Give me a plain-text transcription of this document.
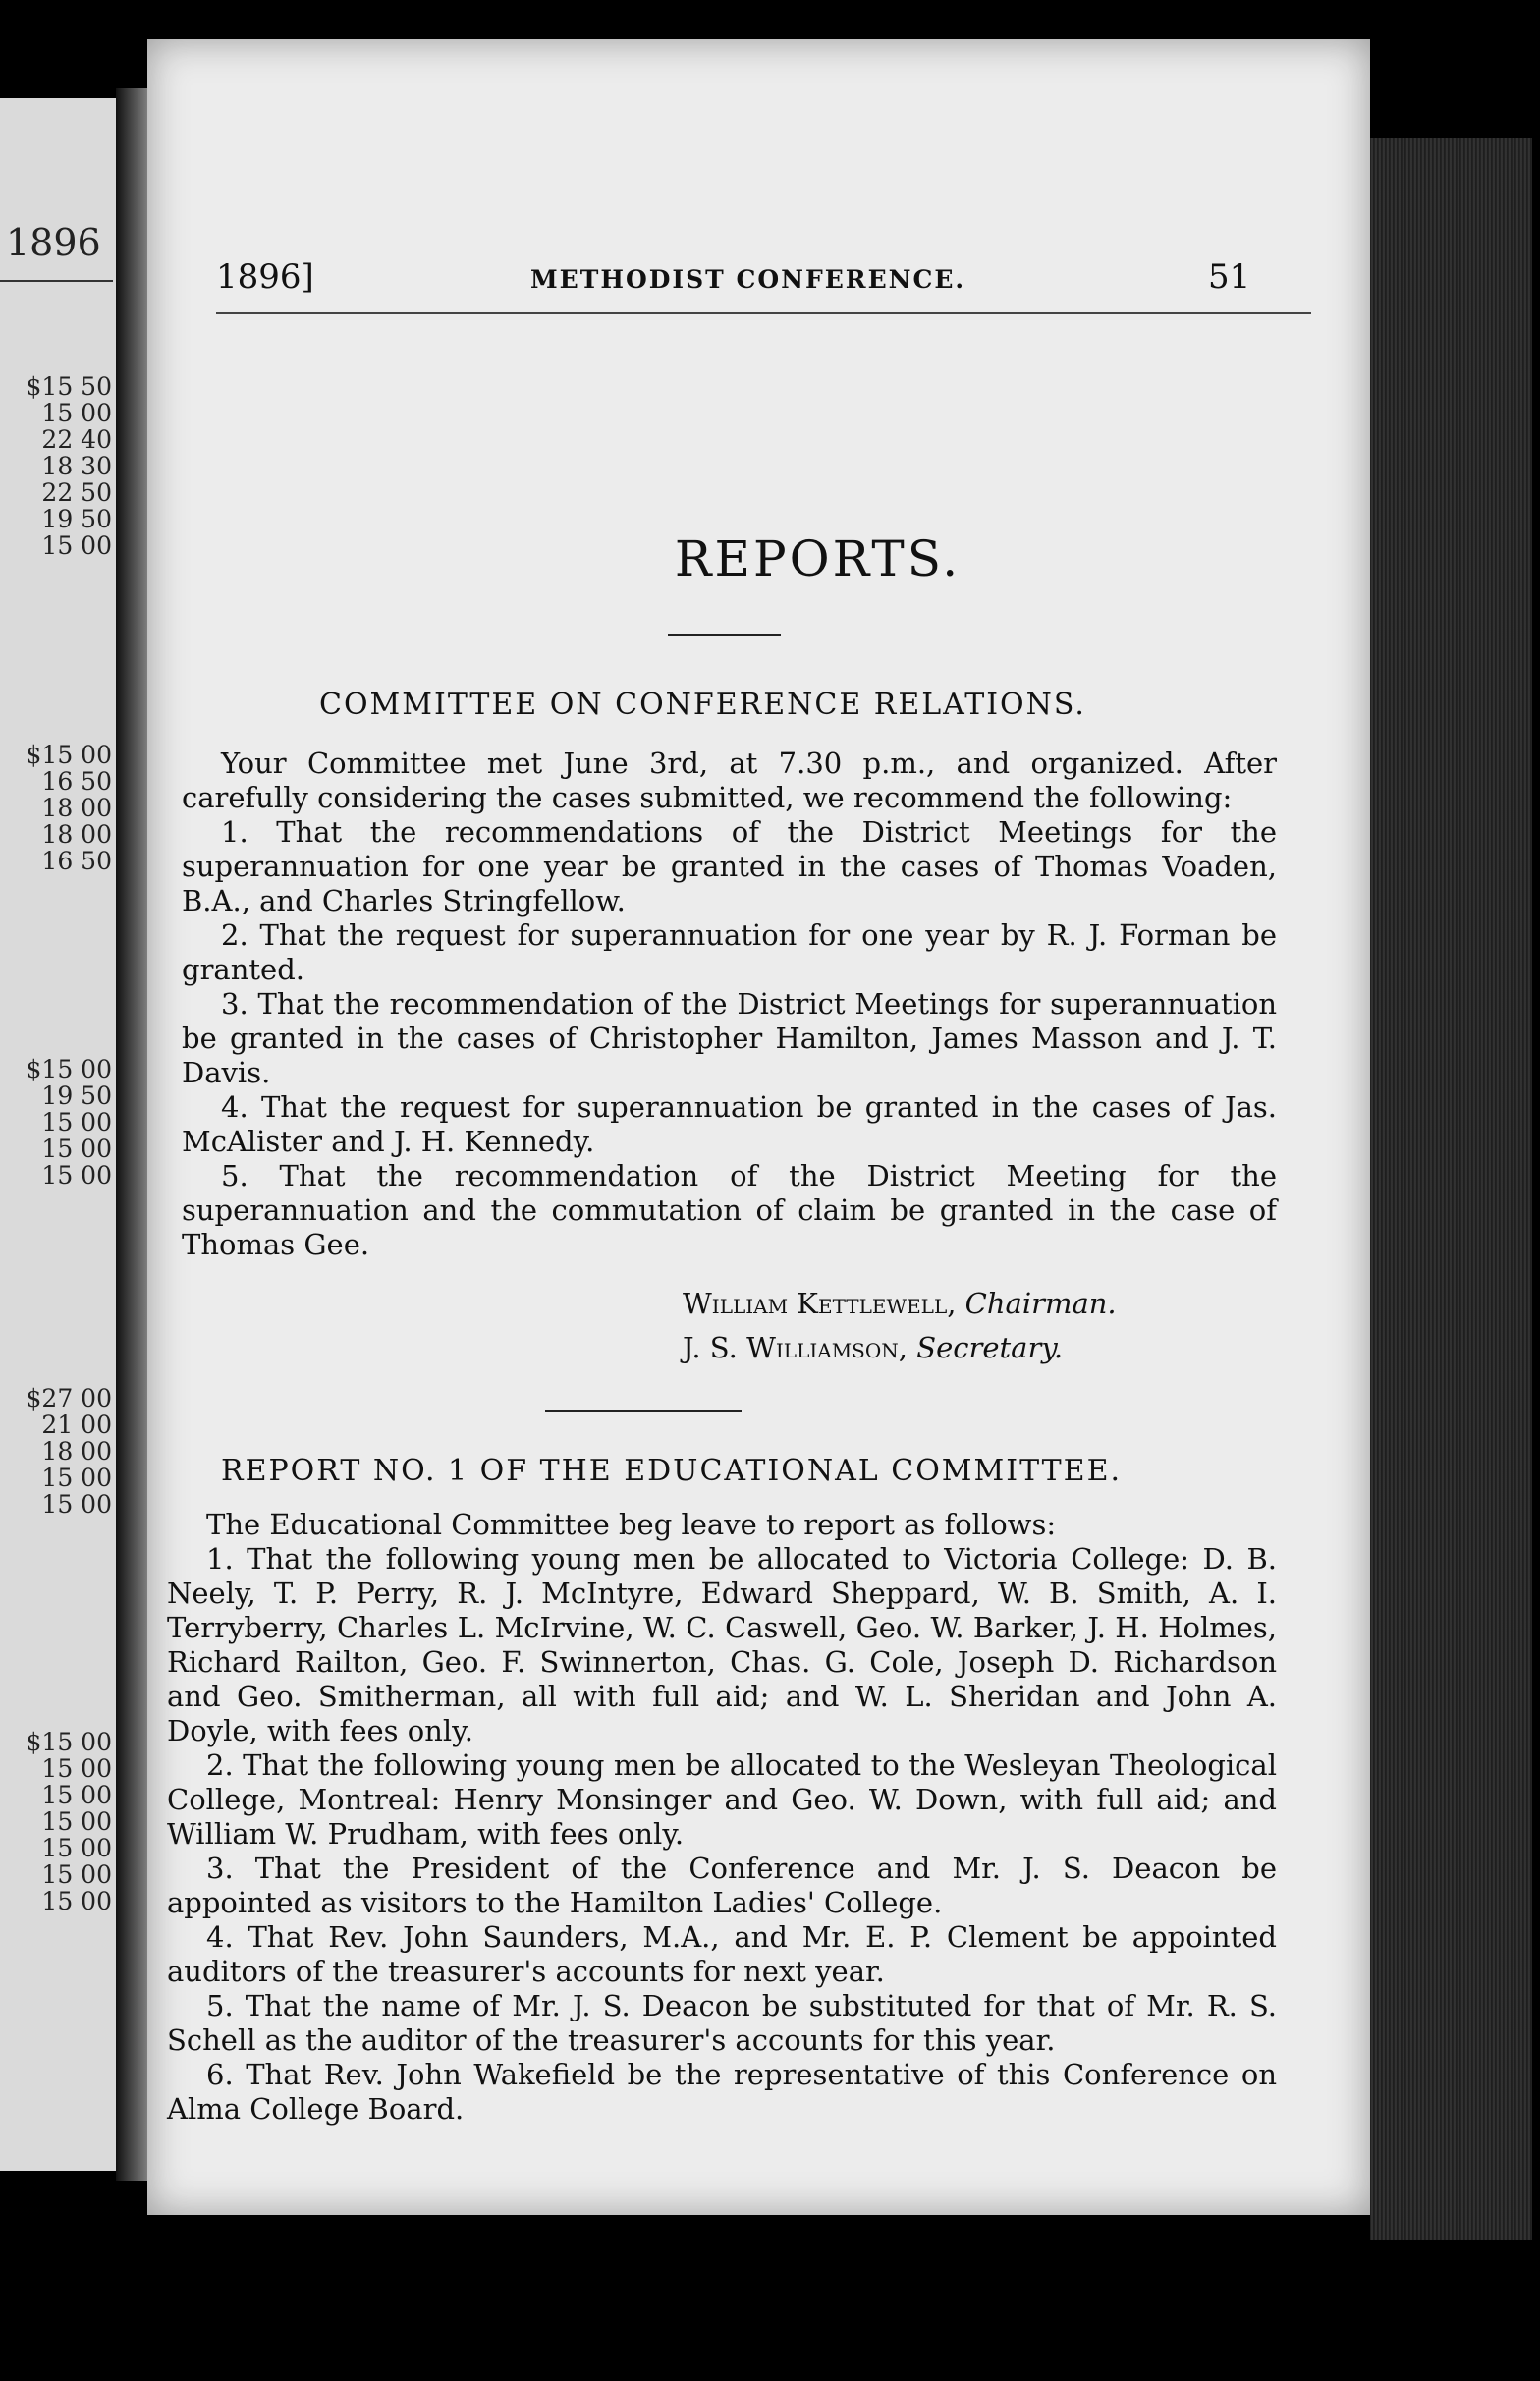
1896
$15 50
15 00
22 40
18 30
22 50
19 50
15 00
$15 00
16 50
18 00
18 00
16 50
$15 00
19 50
15 00
15 00
15 00
$27 00
21 00
18 00
15 00
15 00
$15 00
15 00
15 00
15 00
15 00
15 00
15 00
1896]	METHODIST CONFERENCE.	51
REPORTS.
COMMITTEE ON CONFERENCE RELATIONS.

Your Committee met June 3rd, at 7.30 p.m., and organized. After carefully considering the cases submitted, we recommend the following:

1. That the recommendations of the District Meetings for the superannuation for one year be granted in the cases of Thomas Voaden, B.A., and Charles Stringfellow.

2. That the request for superannuation for one year by R. J. Forman be granted.

3. That the recommendation of the District Meetings for superannuation be granted in the cases of Christopher Hamilton, James Masson and J. T. Davis.

4. That the request for superannuation be granted in the cases of Jas. McAlister and J. H. Kennedy.

5. That the recommendation of the District Meeting for the superannuation and the commutation of claim be granted in the case of Thomas Gee.

William Kettlewell, Chairman.
J. S. Williamson, Secretary.
REPORT NO. 1 OF THE EDUCATIONAL COMMITTEE.

The Educational Committee beg leave to report as follows:

1. That the following young men be allocated to Victoria College: D. B. Neely, T. P. Perry, R. J. McIntyre, Edward Sheppard, W. B. Smith, A. I. Terryberry, Charles L. McIrvine, W. C. Caswell, Geo. W. Barker, J. H. Holmes, Richard Railton, Geo. F. Swinnerton, Chas. G. Cole, Joseph D. Richardson and Geo. Smitherman, all with full aid; and W. L. Sheridan and John A. Doyle, with fees only.

2. That the following young men be allocated to the Wesleyan Theological College, Montreal: Henry Monsinger and Geo. W. Down, with full aid; and William W. Prudham, with fees only.

3. That the President of the Conference and Mr. J. S. Deacon be appointed as visitors to the Hamilton Ladies' College.

4. That Rev. John Saunders, M.A., and Mr. E. P. Clement be appointed auditors of the treasurer's accounts for next year.

5. That the name of Mr. J. S. Deacon be substituted for that of Mr. R. S. Schell as the auditor of the treasurer's accounts for this year.

6. That Rev. John Wakefield be the representative of this Conference on Alma College Board.
